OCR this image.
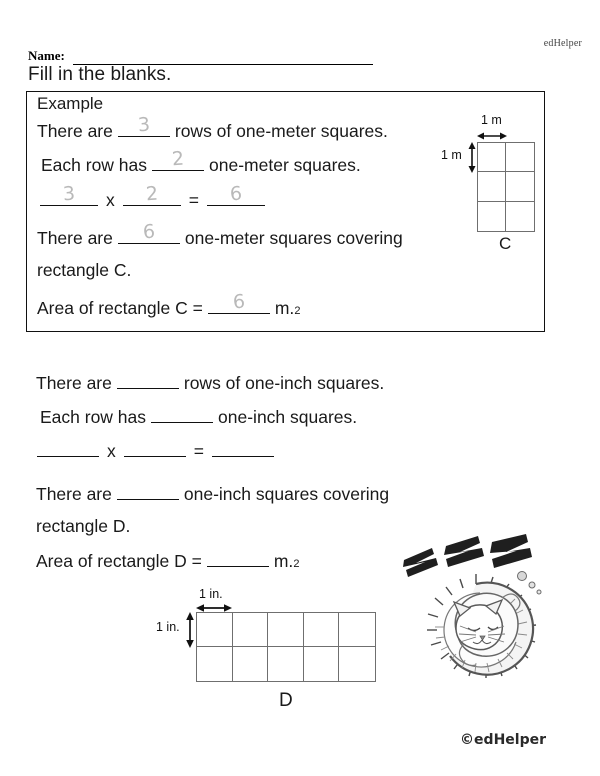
edHelper
Name:
Fill in the blanks.
Example
There are	3	rows of one-meter squares.
Each row has	2	one-meter squares.
3	x	2	=	6
There are	6	one-meter squares covering
rectangle C.
Area of rectangle C =	6	m. 2
1 m
1 m
C
There are	rows of one-inch squares.
Each row has	one-inch squares.
x	=
There are	one-inch squares covering
rectangle D.
Area of rectangle D =	m. 2
1 in.
1 in.
D
©edHelper
